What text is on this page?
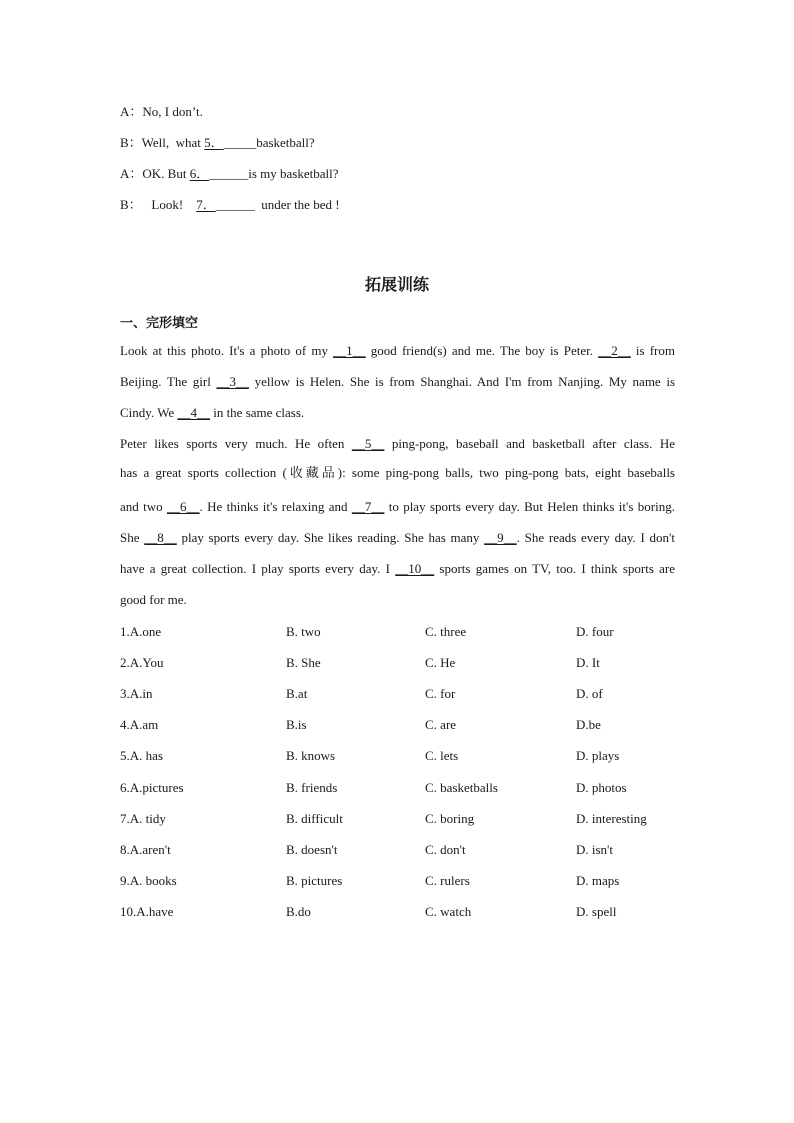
A：No, I don’t.
B：Well,  what 5．_____basketball?
A：OK. But 6．______is my basketball?
B：   Look!    7．______  under the bed !
拓展训练
一、完形填空
Look at this photo. It's a photo of my __1__ good friend(s) and me. The boy is Peter. __2__ is from
Beijing. The girl __3__ yellow is Helen. She is from Shanghai. And I'm from Nanjing. My name is
Cindy. We __4__ in the same class.
Peter likes sports very much. He often __5__ ping-pong, baseball and basketball after class. He
has a great sports collection (收藏品): some ping-pong balls, two ping-pong bats, eight baseballs
and two __6__. He thinks it's relaxing and __7__ to play sports every day. But Helen thinks it's boring.
She __8__ play sports every day. She likes reading. She has many __9__. She reads every day. I don't
have a great collection. I play sports every day. I __10__ sports games on TV, too. I think sports are
good for me.
1.A.one	B. two	C. three	D. four
2.A.You	B. She	C. He	D. It
3.A.in	B.at	C. for	D. of
4.A.am	B.is	C. are	D.be
5.A. has	B. knows	C. lets	D. plays
6.A.pictures	B. friends	C. basketballs	D. photos
7.A. tidy	B. difficult	C. boring	D. interesting
8.A.aren't	B. doesn't	C. don't	D. isn't
9.A. books	B. pictures	C. rulers	D. maps
10.A.have	B.do	C. watch	D. spell
